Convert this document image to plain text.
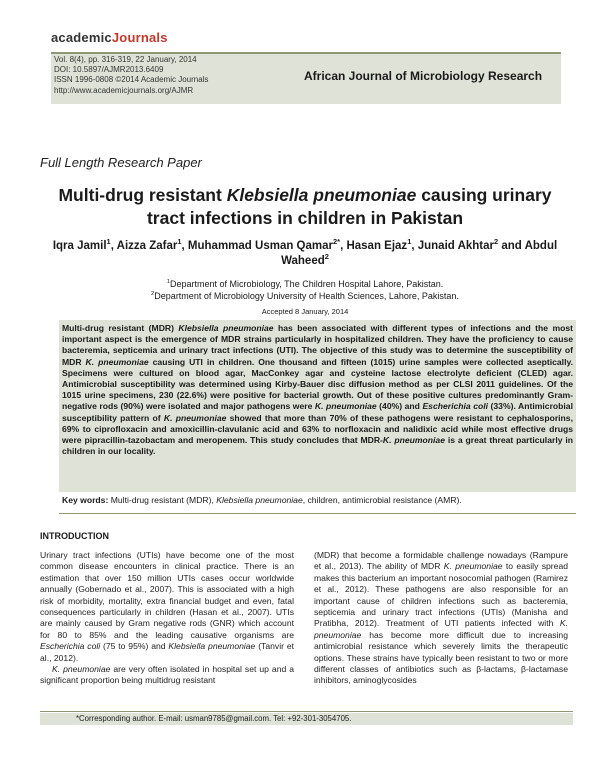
academicJournals
Vol. 8(4), pp. 316-319, 22 January, 2014
DOI: 10.5897/AJMR2013.6409
ISSN 1996-0808 ©2014 Academic Journals
http://www.academicjournals.org/AJMR
African Journal of Microbiology Research
Full Length Research Paper
Multi-drug resistant Klebsiella pneumoniae causing urinary tract infections in children in Pakistan
Iqra Jamil$^1$, Aizza Zafar$^1$, Muhammad Usman Qamar$^{2*}$, Hasan Ejaz$^1$, Junaid Akhtar$^2$ and Abdul Waheed$^2$
$^1$Department of Microbiology, The Children Hospital Lahore, Pakistan.
$^2$Department of Microbiology University of Health Sciences, Lahore, Pakistan.
Accepted 8 January, 2014
Multi-drug resistant (MDR) Klebsiella pneumoniae has been associated with different types of infections and the most important aspect is the emergence of MDR strains particularly in hospitalized children. They have the proficiency to cause bacteremia, septicemia and urinary tract infections (UTI). The objective of this study was to determine the susceptibility of MDR K. pneumoniae causing UTI in children. One thousand and fifteen (1015) urine samples were collected aseptically. Specimens were cultured on blood agar, MacConkey agar and cysteine lactose electrolyte deficient (CLED) agar. Antimicrobial susceptibility was determined using Kirby-Bauer disc diffusion method as per CLSI 2011 guidelines. Of the 1015 urine specimens, 230 (22.6%) were positive for bacterial growth. Out of these positive cultures predominantly Gram-negative rods (90%) were isolated and major pathogens were K. pneumoniae (40%) and Escherichia coli (33%). Antimicrobial susceptibility pattern of K. pneumoniae showed that more than 70% of these pathogens were resistant to cephalosporins, 69% to ciprofloxacin and amoxicillin-clavulanic acid and 63% to norfloxacin and nalidixic acid while most effective drugs were pipracillin-tazobactam and meropenem. This study concludes that MDR-K. pneumoniae is a great threat particularly in children in our locality.
Key words: Multi-drug resistant (MDR), Klebsiella pneumoniae, children, antimicrobial resistance (AMR).
INTRODUCTION

Urinary tract infections (UTIs) have become one of the most common disease encounters in clinical practice. There is an estimation that over 150 million UTIs cases occur worldwide annually (Gobernado et al., 2007). This is associated with a high risk of morbidity, mortality, extra financial budget and even, fatal consequences particularly in children (Hasan et al., 2007). UTIs are mainly caused by Gram negative rods (GNR) which account for 80 to 85% and the leading causative organisms are Escherichia coli (75 to 95%) and Klebsiella pneumoniae (Tanvir et al., 2012).

K. pneumoniae are very often isolated in hospital set up and a significant proportion being multidrug resistant

(MDR) that become a formidable challenge nowadays (Rampure et al., 2013). The ability of MDR K. pneumoniae to easily spread makes this bacterium an important nosocomial pathogen (Ramirez et al., 2012). These pathogens are also responsible for an important cause of children infections such as bacteremia, septicemia and urinary tract infections (UTIs) (Manisha and Pratibha, 2012). Treatment of UTI patients infected with K. pneumoniae has become more difficult due to increasing antimicrobial resistance which severely limits the therapeutic options. These strains have typically been resistant to two or more different classes of antibiotics such as β-lactams, β-lactamase inhibitors, aminoglycosides

*Corresponding author. E-mail: usman9785@gmail.com. Tel: +92-301-3054705.
